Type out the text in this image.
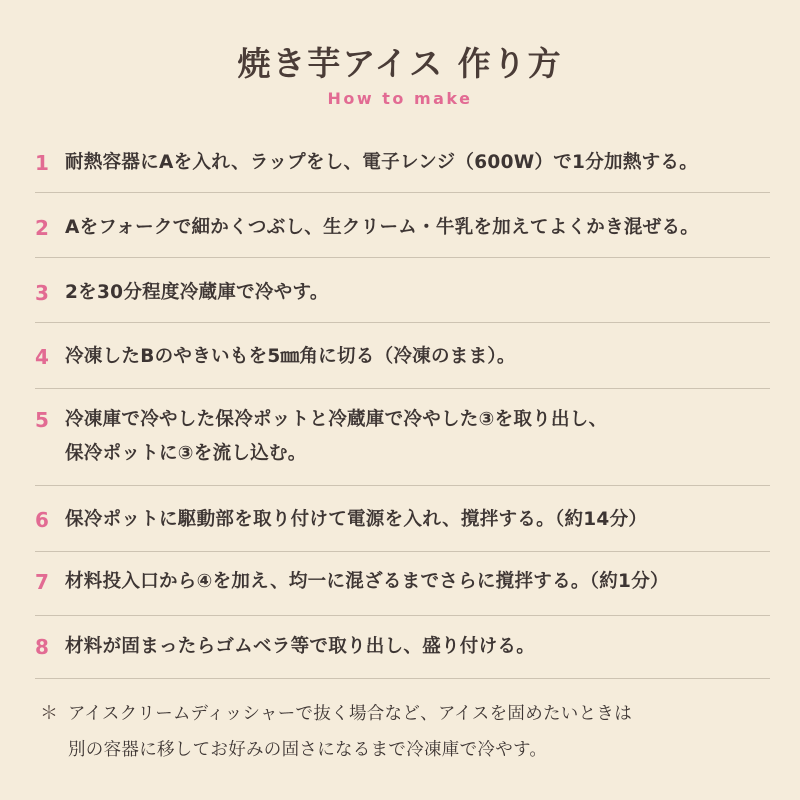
焼き芋アイス 作り方
How to make
1 耐熱容器にAを入れ、ラップをし、電子レンジ（600W）で1分加熱する。
2 Aをフォークで細かくつぶし、生クリーム・牛乳を加えてよくかき混ぜる。
3 2を30分程度冷蔵庫で冷やす。
4 冷凍したBのやきいもを5㎜角に切る（冷凍のまま）。
5 冷凍庫で冷やした保冷ポットと冷蔵庫で冷やした③を取り出し、
保冷ポットに③を流し込む。
6 保冷ポットに駆動部を取り付けて電源を入れ、撹拌する。（約14分）
7 材料投入口から④を加え、均一に混ざるまでさらに撹拌する。（約1分）
8 材料が固まったらゴムベラ等で取り出し、盛り付ける。
＊ アイスクリームディッシャーで抜く場合など、アイスを固めたいときは
別の容器に移してお好みの固さになるまで冷凍庫で冷やす。
